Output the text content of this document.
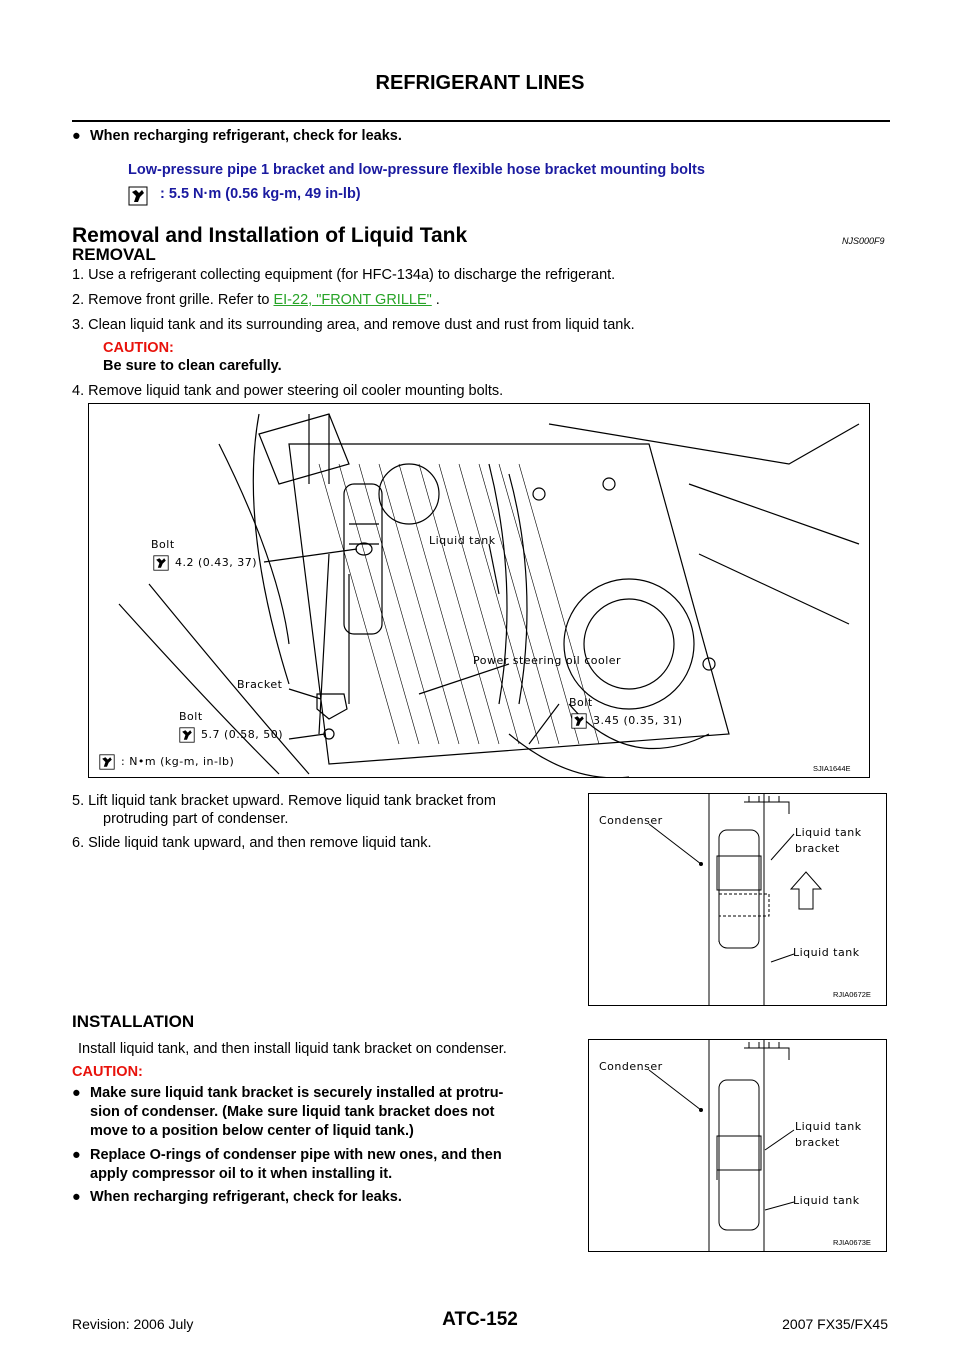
REFRIGERANT LINES
● When recharging refrigerant, check for leaks.
Low-pressure pipe 1 bracket and low-pressure flexible hose bracket mounting bolts
: 5.5 N·m (0.56 kg-m, 49 in-lb)
Removal and Installation of Liquid Tank	NJS000F9
REMOVAL
1. Use a refrigerant collecting equipment (for HFC-134a) to discharge the refrigerant.
2. Remove front grille. Refer to EI-22, "FRONT GRILLE" .
3. Clean liquid tank and its surrounding area, and remove dust and rust from liquid tank.
CAUTION:
Be sure to clean carefully.
4. Remove liquid tank and power steering oil cooler mounting bolts.
Bolt
4.2 (0.43, 37)
Liquid tank
Power steering oil cooler
Bracket
Bolt
5.7 (0.58, 50)
Bolt
3.45 (0.35, 31)
: N•m (kg-m, in-lb)
SJIA1644E
5. Lift liquid tank bracket upward. Remove liquid tank bracket from
protruding part of condenser.
6. Slide liquid tank upward, and then remove liquid tank.
Condenser
Liquid tank
bracket
Liquid tank
RJIA0672E
INSTALLATION
Install liquid tank, and then install liquid tank bracket on condenser.
CAUTION:
● Make sure liquid tank bracket is securely installed at protru-
sion of condenser. (Make sure liquid tank bracket does not
move to a position below center of liquid tank.)
● Replace O-rings of condenser pipe with new ones, and then
apply compressor oil to it when installing it.
● When recharging refrigerant, check for leaks.
Condenser
Liquid tank
bracket
Liquid tank
RJIA0673E
ATC-152
Revision: 2006 July	2007 FX35/FX45
